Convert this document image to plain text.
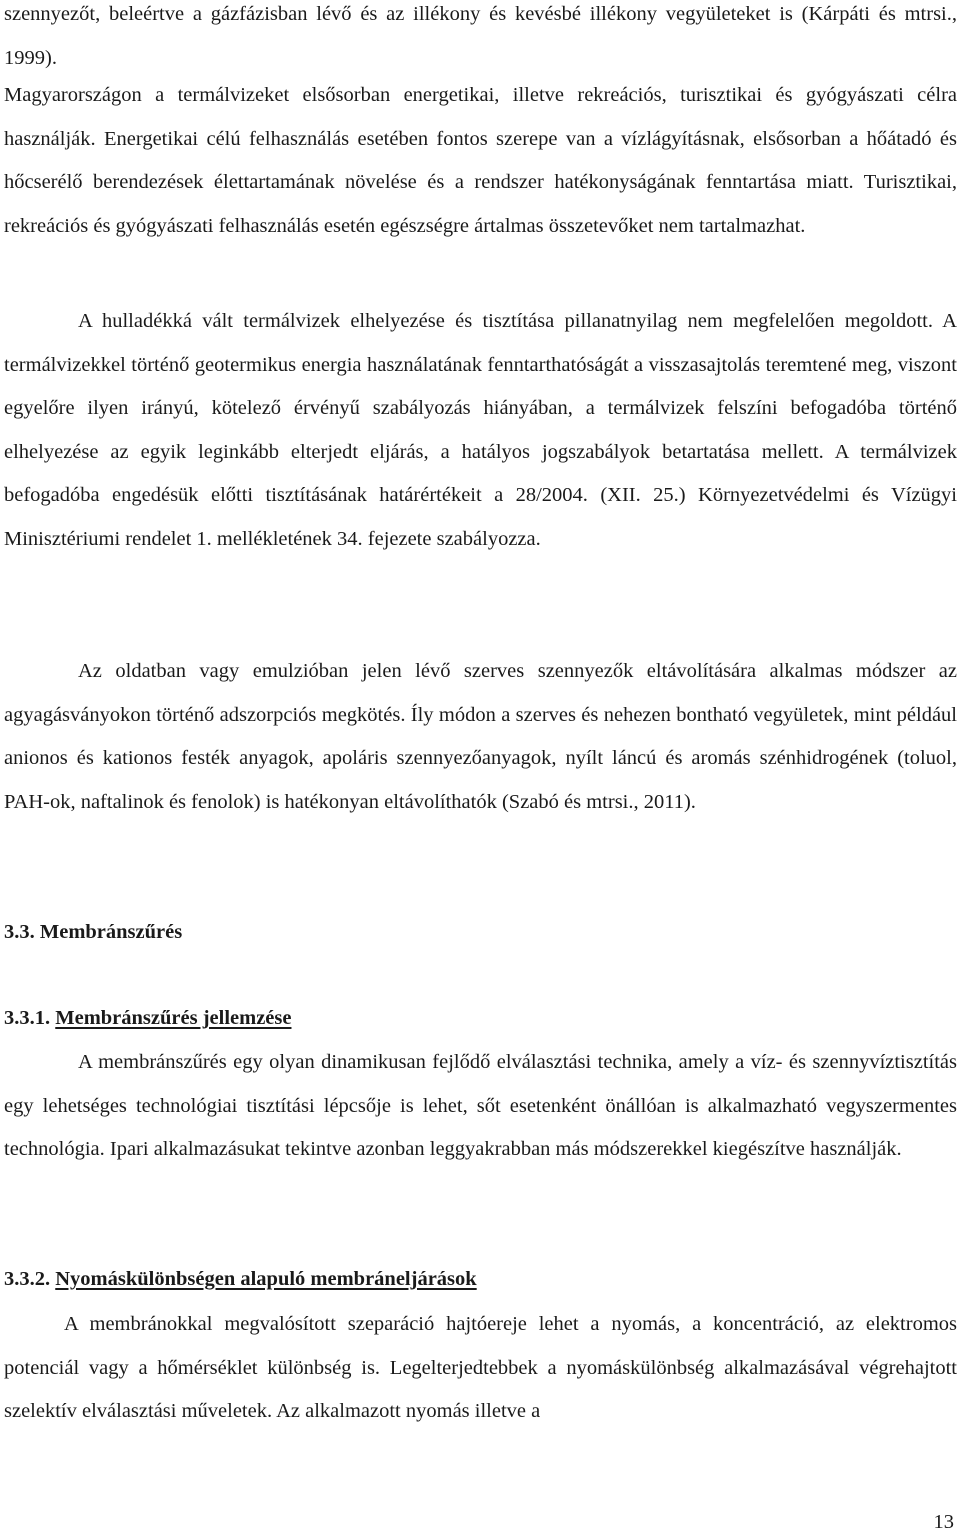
szennyezőt, beleértve a gázfázisban lévő és az illékony és kevésbé illékony vegyületeket is (Kárpáti és mtrsi., 1999).

Magyarországon a termálvizeket elsősorban energetikai, illetve rekreációs, turisztikai és gyógyászati célra használják. Energetikai célú felhasználás esetében fontos szerepe van a vízlágyításnak, elsősorban a hőátadó és hőcserélő berendezések élettartamának növelése és a rendszer hatékonyságának fenntartása miatt. Turisztikai, rekreációs és gyógyászati felhasználás esetén egészségre ártalmas összetevőket nem tartalmazhat.

A hulladékká vált termálvizek elhelyezése és tisztítása pillanatnyilag nem megfelelően megoldott. A termálvizekkel történő geotermikus energia használatának fenntarthatóságát a visszasajtolás teremtené meg, viszont egyelőre ilyen irányú, kötelező érvényű szabályozás hiányában, a termálvizek felszíni befogadóba történő elhelyezése az egyik leginkább elterjedt eljárás, a hatályos jogszabályok betartatása mellett. A termálvizek befogadóba engedésük előtti tisztításának határértékeit a 28/2004. (XII. 25.) Környezetvédelmi és Vízügyi Minisztériumi rendelet 1. mellékletének 34. fejezete szabályozza.

Az oldatban vagy emulzióban jelen lévő szerves szennyezők eltávolítására alkalmas módszer az agyagásványokon történő adszorpciós megkötés. Íly módon a szerves és nehezen bontható vegyületek, mint például anionos és kationos festék anyagok, apoláris szennyezőanyagok, nyílt láncú és aromás szénhidrogének (toluol, PAH-ok, naftalinok és fenolok) is hatékonyan eltávolíthatók (Szabó és mtrsi., 2011).

3.3. Membránszűrés
3.3.1. Membránszűrés jellemzése

A membránszűrés egy olyan dinamikusan fejlődő elválasztási technika, amely a víz- és szennyvíztisztítás egy lehetséges technológiai tisztítási lépcsője is lehet, sőt esetenként önállóan is alkalmazható vegyszermentes technológia. Ipari alkalmazásukat tekintve azonban leggyakrabban más módszerekkel kiegészítve használják.

3.3.2. Nyomáskülönbségen alapuló membráneljárások

A membránokkal megvalósított szeparáció hajtóereje lehet a nyomás, a koncentráció, az elektromos potenciál vagy a hőmérséklet különbség is. Legelterjedtebbek a nyomáskülönbség alkalmazásával végrehajtott szelektív elválasztási műveletek. Az alkalmazott nyomás illetve a

13
